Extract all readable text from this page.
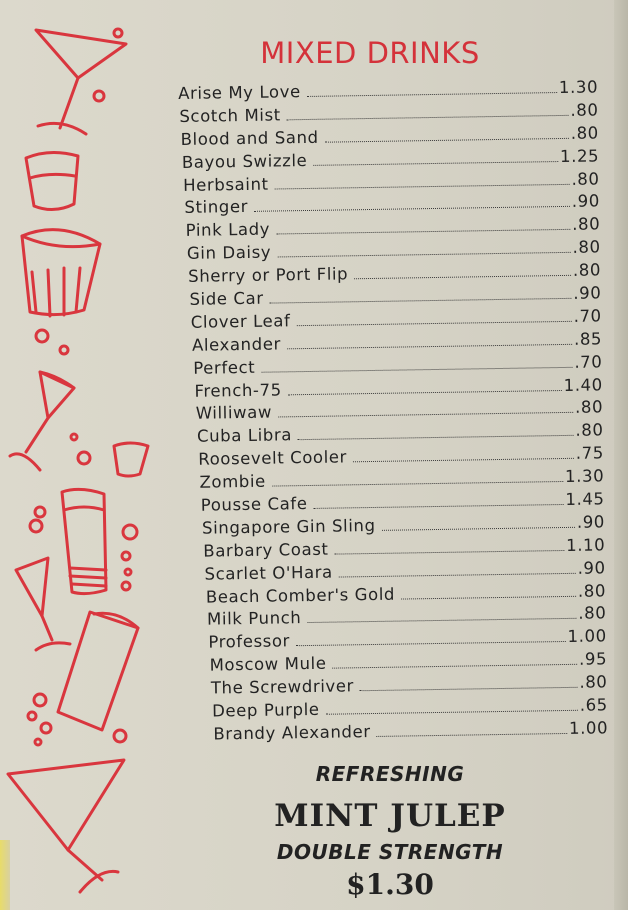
MIXED DRINKS
Arise My Love	1.30
Scotch Mist	.80
Blood and Sand	.80
Bayou Swizzle	1.25
Herbsaint	.80
Stinger	.90
Pink Lady	.80
Gin Daisy	.80
Sherry or Port Flip	.80
Side Car	.90
Clover Leaf	.70
Alexander	.85
Perfect	.70
French-75	1.40
Williwaw	.80
Cuba Libra	.80
Roosevelt Cooler	.75
Zombie	1.30
Pousse Cafe	1.45
Singapore Gin Sling	.90
Barbary Coast	1.10
Scarlet O'Hara	.90
Beach Comber's Gold	.80
Milk Punch	.80
Professor	1.00
Moscow Mule	.95
The Screwdriver	.80
Deep Purple	.65
Brandy Alexander	1.00
REFRESHING
MINT JULEP
DOUBLE STRENGTH
$1.30
